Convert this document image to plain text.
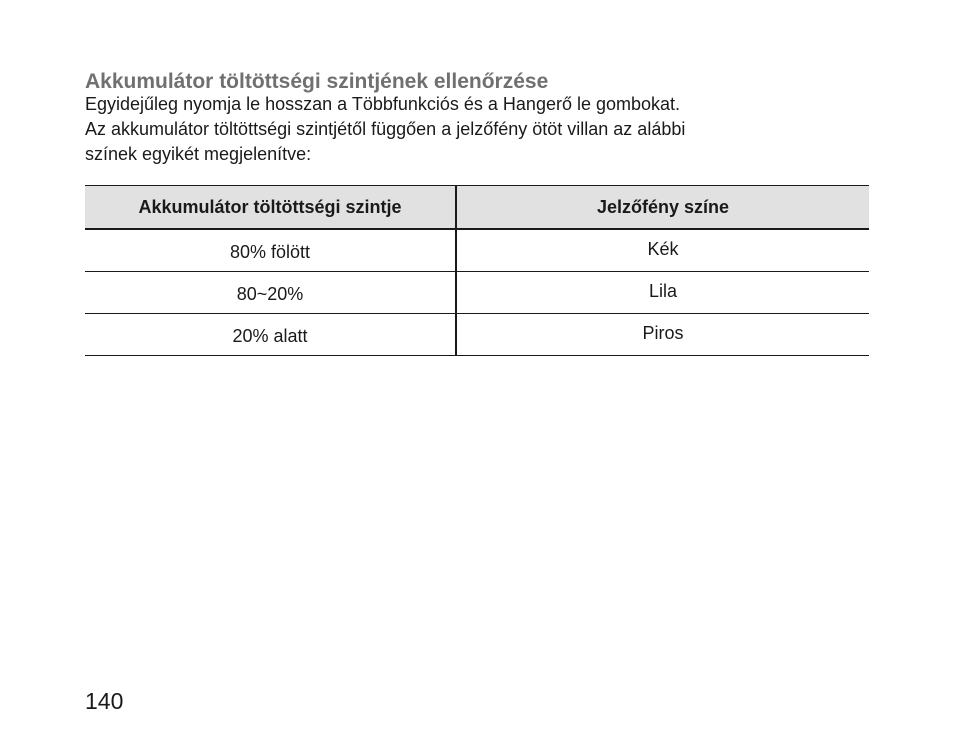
Akkumulátor töltöttségi szintjének ellenőrzése

Egyidejűleg nyomja le hosszan a Többfunkciós és a Hangerő le gombokat.

Az akkumulátor töltöttségi szintjétől függően a jelzőfény ötöt villan az alábbi

színek egyikét megjelenítve:

Akkumulátor töltöttségi szintje	Jelzőfény színe
80% fölött	Kék
80~20%	Lila
20% alatt	Piros
140
